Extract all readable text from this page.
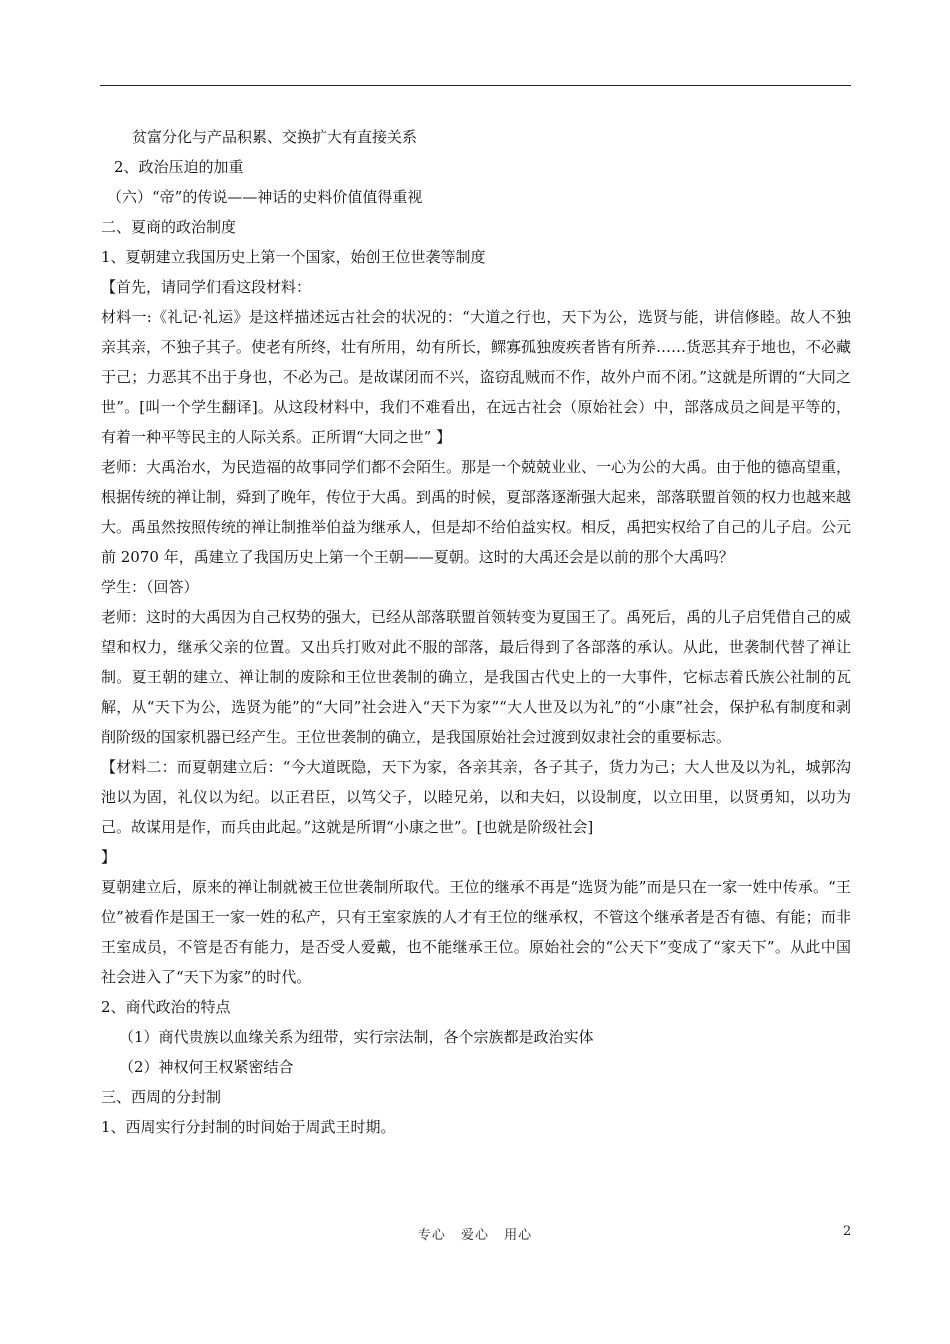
贫富分化与产品积累、交换扩大有直接关系

2、政治压迫的加重

（六）“帝”的传说——神话的史料价值值得重视

二、夏商的政治制度

1、夏朝建立我国历史上第一个国家，始创王位世袭等制度

【首先，请同学们看这段材料：

材料一:《礼记·礼运》是这样描述远古社会的状况的：“大道之行也，天下为公，选贤与能，讲信修睦。故人不独亲其亲，不独子其子。使老有所终，壮有所用，幼有所长，鳏寡孤独废疾者皆有所养……货恶其弃于地也，不必藏于己；力恶其不出于身也，不必为己。是故谋闭而不兴，盗窃乱贼而不作，故外户而不闭。”这就是所谓的“大同之世”。[叫一个学生翻译]。从这段材料中，我们不难看出，在远古社会（原始社会）中，部落成员之间是平等的，有着一种平等民主的人际关系。正所谓“大同之世” 】

老师：大禹治水，为民造福的故事同学们都不会陌生。那是一个兢兢业业、一心为公的大禹。由于他的德高望重，根据传统的禅让制，舜到了晚年，传位于大禹。到禹的时候，夏部落逐渐强大起来，部落联盟首领的权力也越来越大。禹虽然按照传统的禅让制推举伯益为继承人，但是却不给伯益实权。相反，禹把实权给了自己的儿子启。公元前 2070 年，禹建立了我国历史上第一个王朝——夏朝。这时的大禹还会是以前的那个大禹吗？

学生：（回答）

老师：这时的大禹因为自己权势的强大，已经从部落联盟首领转变为夏国王了。禹死后，禹的儿子启凭借自己的威望和权力，继承父亲的位置。又出兵打败对此不服的部落，最后得到了各部落的承认。从此，世袭制代替了禅让制。夏王朝的建立、禅让制的废除和王位世袭制的确立，是我国古代史上的一大事件，它标志着氏族公社制的瓦解，从“天下为公，选贤为能”的“大同”社会进入“天下为家”“大人世及以为礼”的“小康”社会，保护私有制度和剥削阶级的国家机器已经产生。王位世袭制的确立，是我国原始社会过渡到奴隶社会的重要标志。

【材料二：而夏朝建立后：“今大道既隐，天下为家，各亲其亲，各子其子，货力为己；大人世及以为礼，城郭沟池以为固，礼仪以为纪。以正君臣，以笃父子，以睦兄弟，以和夫妇，以设制度，以立田里，以贤勇知，以功为己。故谋用是作，而兵由此起。”这就是所谓“小康之世”。[也就是阶级社会]

】

夏朝建立后，原来的禅让制就被王位世袭制所取代。王位的继承不再是“选贤为能”而是只在一家一姓中传承。“王位”被看作是国王一家一姓的私产，只有王室家族的人才有王位的继承权，不管这个继承者是否有德、有能；而非王室成员，不管是否有能力，是否受人爱戴，也不能继承王位。原始社会的“公天下”变成了“家天下”。从此中国社会进入了“天下为家”的时代。

2、商代政治的特点

（1）商代贵族以血缘关系为纽带，实行宗法制，各个宗族都是政治实体

（2）神权何王权紧密结合

三、西周的分封制

1、西周实行分封制的时间始于周武王时期。

专心 爱心 用心	2
